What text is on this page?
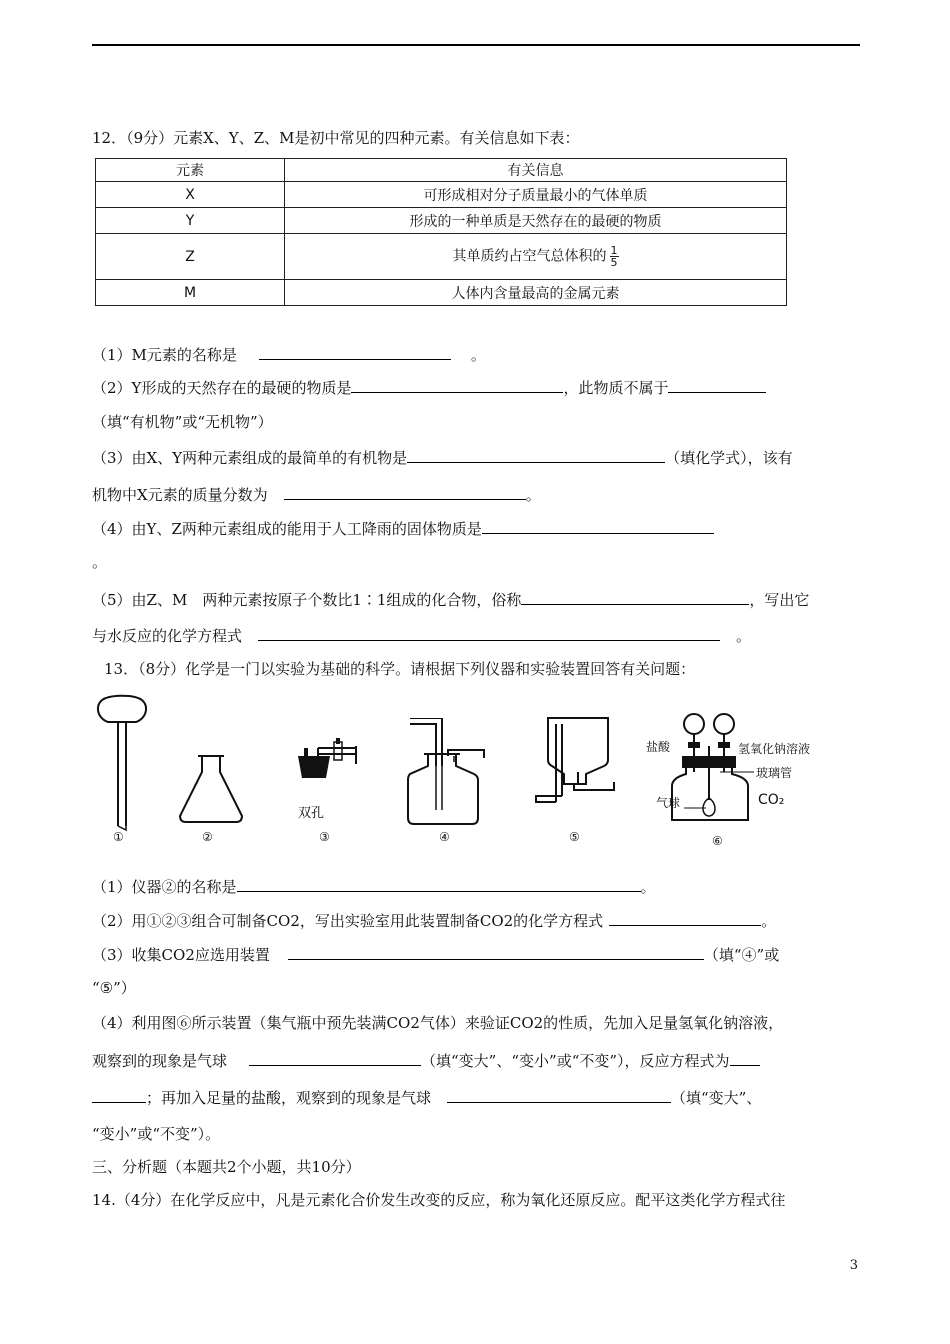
12．（9分）元素X、Y、Z、M是初中常见的四种元素。有关信息如下表：
元素	有关信息
X	可形成相对分子质量最小的气体单质
Y	形成的一种单质是天然存在的最硬的物质
Z	其单质约占空气总体积的 $\frac{1}{5}$

M	人体内含量最高的金属元素
（1）M元素的名称是	。
（2）Y形成的天然存在的最硬的物质是	，此物质不属于
（填“有机物”或“无机物”）
（3）由X、Y两种元素组成的最简单的有机物是	（填化学式），该有
机物中X元素的质量分数为	。
（4）由Y、Z两种元素组成的能用于人工降雨的固体物质是
。
（5）由Z、M　两种元素按原子个数比1∶1组成的化合物，俗称	，写出它
与水反应的化学方程式	。
13．（8分）化学是一门以实验为基础的科学。请根据下列仪器和实验装置回答有关问题：
①	②
双孔
③	④	⑤
盐酸	氢氧化钠溶液
玻璃管
气球	CO₂
⑥
（1）仪器②的名称是	。
（2）用①②③组合可制备CO2，写出实验室用此装置制备CO2的化学方程式	。
（3）收集CO2应选用装置	（填“④”或
“⑤”）
（4）利用图⑥所示装置（集气瓶中预先装满CO2气体）来验证CO2的性质，先加入足量氢氧化钠溶液，
观察到的现象是气球	（填“变大”、“变小”或“不变”），反应方程式为
；再加入足量的盐酸，观察到的现象是气球	（填“变大”、
“变小”或“不变”）。
三、分析题（本题共2个小题，共10分）
14.（4分）在化学反应中，凡是元素化合价发生改变的反应，称为氧化还原反应。配平这类化学方程式往
3
